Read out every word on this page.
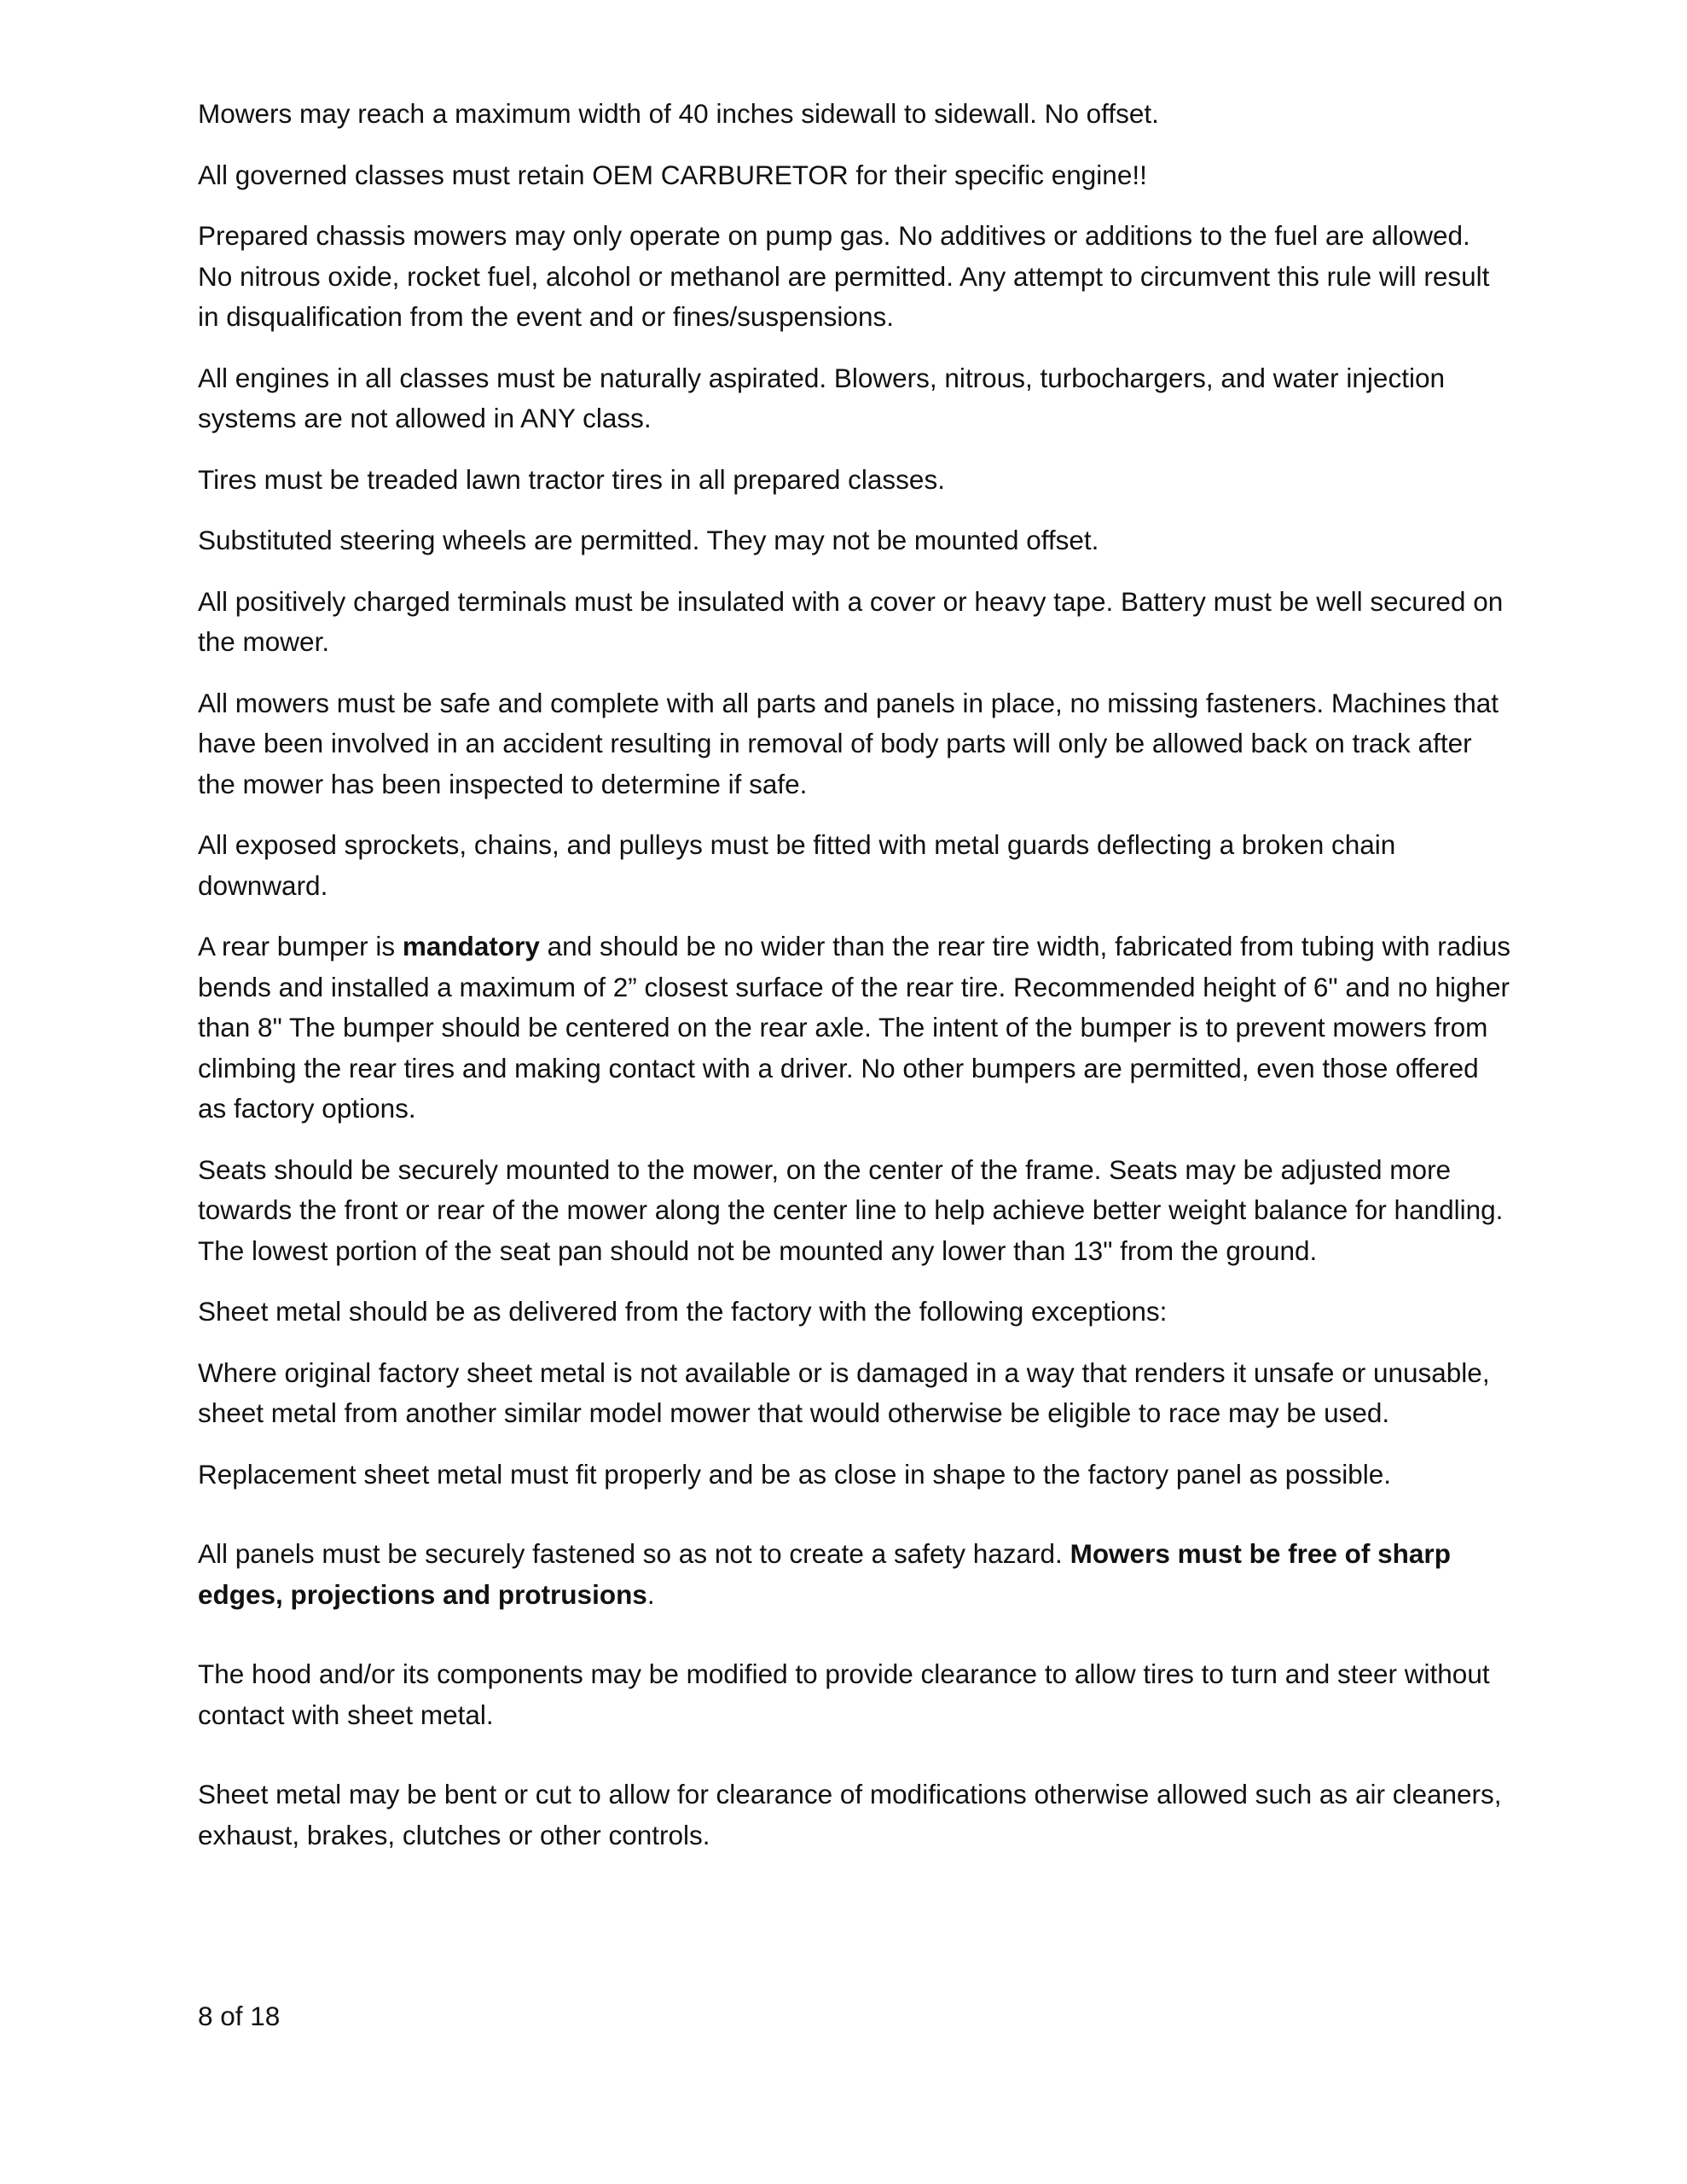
Mowers may reach a maximum width of 40 inches sidewall to sidewall. No offset.

All governed classes must retain OEM CARBURETOR for their specific engine!!

Prepared chassis mowers may only operate on pump gas. No additives or additions to the fuel are allowed. No nitrous oxide, rocket fuel, alcohol or methanol are permitted. Any attempt to circumvent this rule will result in disqualification from the event and or fines/suspensions.

All engines in all classes must be naturally aspirated. Blowers, nitrous, turbochargers, and water injection systems are not allowed in ANY class.

Tires must be treaded lawn tractor tires in all prepared classes.

Substituted steering wheels are permitted. They may not be mounted offset.

All positively charged terminals must be insulated with a cover or heavy tape. Battery must be well secured on the mower.

All mowers must be safe and complete with all parts and panels in place, no missing fasteners. Machines that have been involved in an accident resulting in removal of body parts will only be allowed back on track after the mower has been inspected to determine if safe.

All exposed sprockets, chains, and pulleys must be fitted with metal guards deflecting a broken chain downward.

A rear bumper is mandatory and should be no wider than the rear tire width, fabricated from tubing with radius bends and installed a maximum of 2” closest surface of the rear tire. Recommended height of 6" and no higher than 8" The bumper should be centered on the rear axle. The intent of the bumper is to prevent mowers from climbing the rear tires and making contact with a driver. No other bumpers are permitted, even those offered as factory options.

Seats should be securely mounted to the mower, on the center of the frame. Seats may be adjusted more towards the front or rear of the mower along the center line to help achieve better weight balance for handling. The lowest portion of the seat pan should not be mounted any lower than 13" from the ground.

Sheet metal should be as delivered from the factory with the following exceptions:

Where original factory sheet metal is not available or is damaged in a way that renders it unsafe or unusable, sheet metal from another similar model mower that would otherwise be eligible to race may be used.

Replacement sheet metal must fit properly and be as close in shape to the factory panel as possible.

All panels must be securely fastened so as not to create a safety hazard. Mowers must be free of sharp edges, projections and protrusions.

The hood and/or its components may be modified to provide clearance to allow tires to turn and steer without contact with sheet metal.

Sheet metal may be bent or cut to allow for clearance of modifications otherwise allowed such as air cleaners, exhaust, brakes, clutches or other controls.

8 of 18
